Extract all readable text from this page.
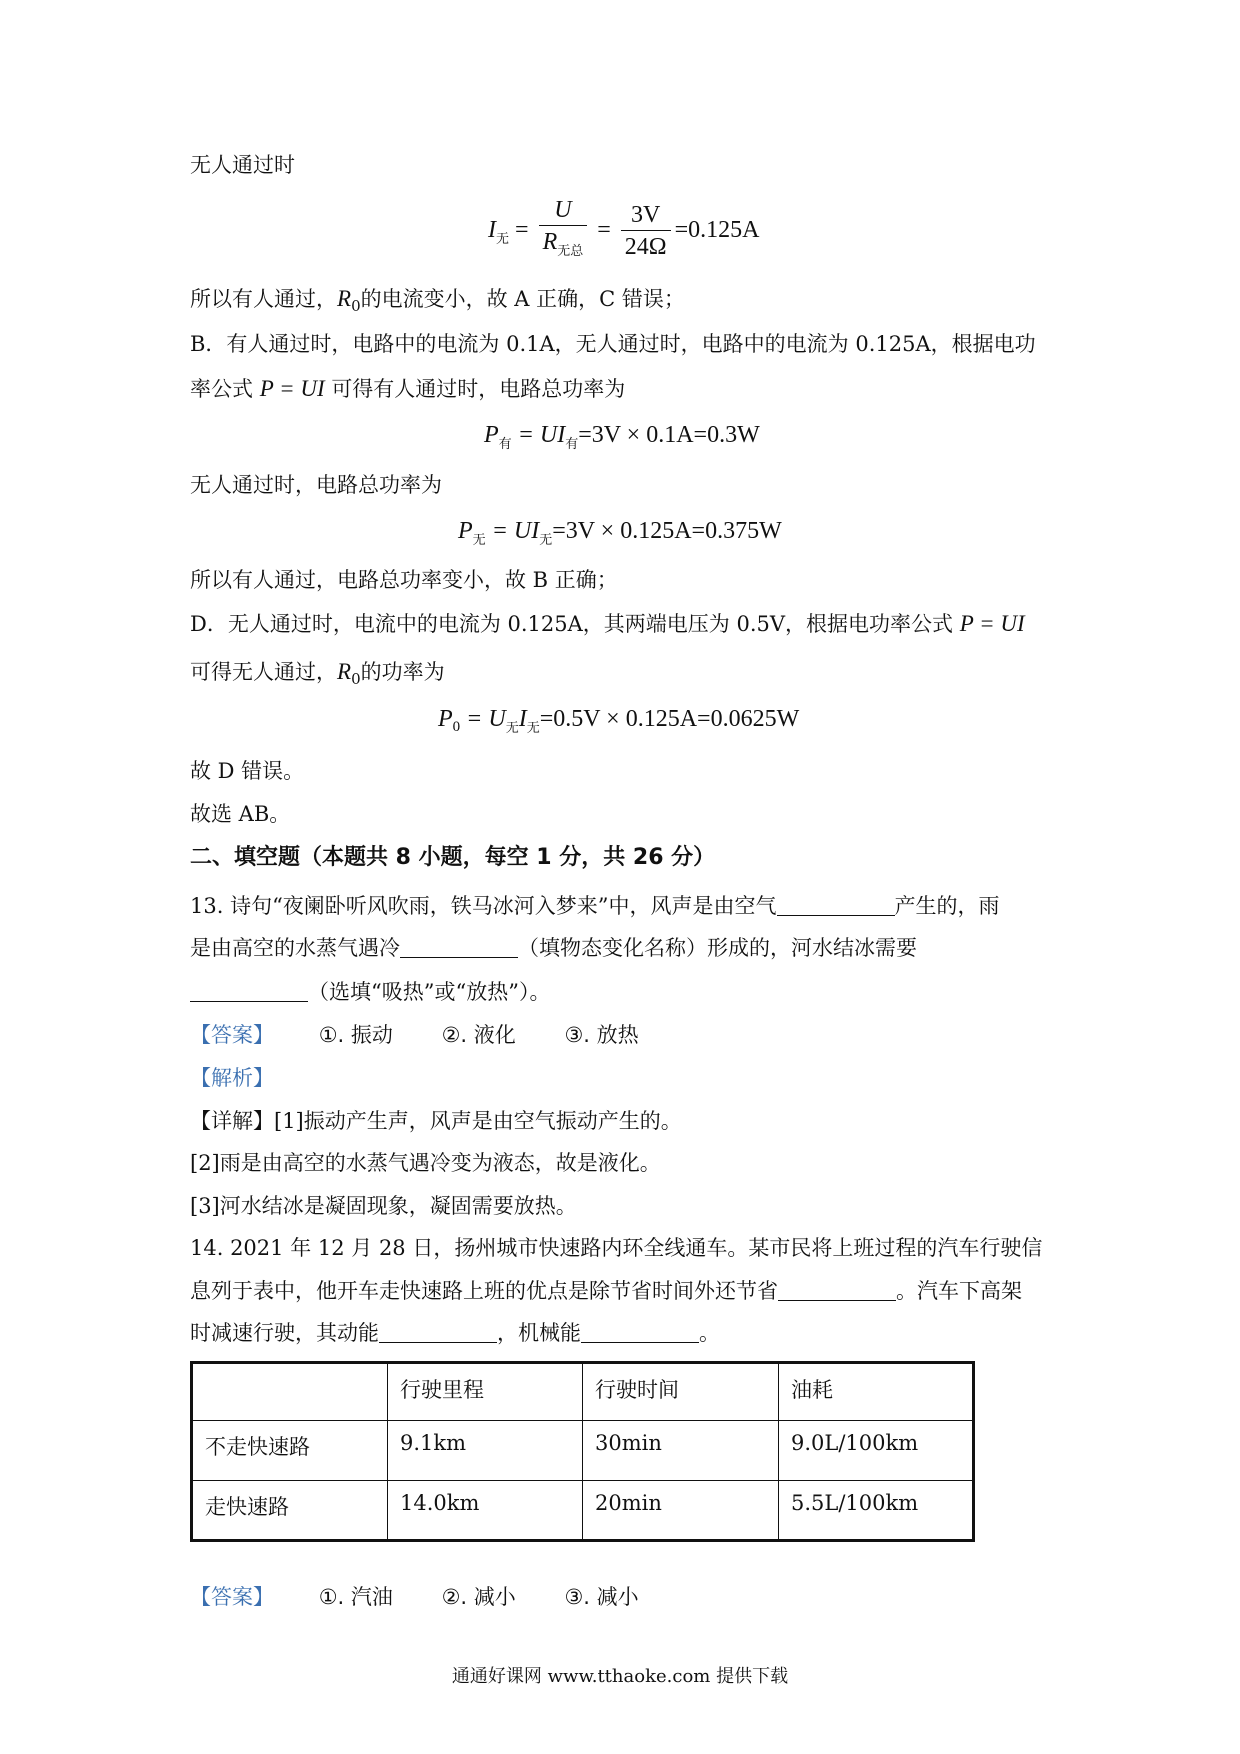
无人通过时
$I_无 = \frac{U}{R_{无总}} = \frac{3V}{24\Omega} =0.125A$
所以有人通过，$R_0$的电流变小，故 A 正确，C 错误；
B．有人通过时，电路中的电流为 0.1A，无人通过时，电路中的电流为 0.125A，根据电功
率公式 P = UI 可得有人通过时，电路总功率为
$P_有 = UI_有=3V \times 0.1A=0.3W$
无人通过时，电路总功率为
$P_无 = UI_无=3V \times 0.125A=0.375W$
所以有人通过，电路总功率变小，故 B 正确；
D．无人通过时，电流中的电流为 0.125A，其两端电压为 0.5V，根据电功率公式 P = UI
可得无人通过，$R_0$的功率为
$P_0 = U_无I_无=0.5V \times 0.125A=0.0625W$
故 D 错误。
故选 AB。
二、填空题（本题共 8 小题，每空 1 分，共 26 分）
13. 诗句“夜阑卧听风吹雨，铁马冰河入梦来”中，风声是由空气	产生的，雨
是由高空的水蒸气遇冷	（填物态变化名称）形成的，河水结冰需要
（选填“吸热”或“放热”）。
【答案】 ①. 振动 ②. 液化 ③. 放热
【解析】
【详解】[1]振动产生声，风声是由空气振动产生的。
[2]雨是由高空的水蒸气遇冷变为液态，故是液化。
[3]河水结冰是凝固现象，凝固需要放热。
14. 2021 年 12 月 28 日，扬州城市快速路内环全线通车。某市民将上班过程的汽车行驶信
息列于表中，他开车走快速路上班的优点是除节省时间外还节省	。汽车下高架
时减速行驶，其动能	，机械能	。
	行驶里程	行驶时间	油耗
不走快速路	9.1km	30min	9.0L/100km
走快速路	14.0km	20min	5.5L/100km
【答案】 ①. 汽油 ②. 减小 ③. 减小
通通好课网 www.tthaoke.com 提供下载
